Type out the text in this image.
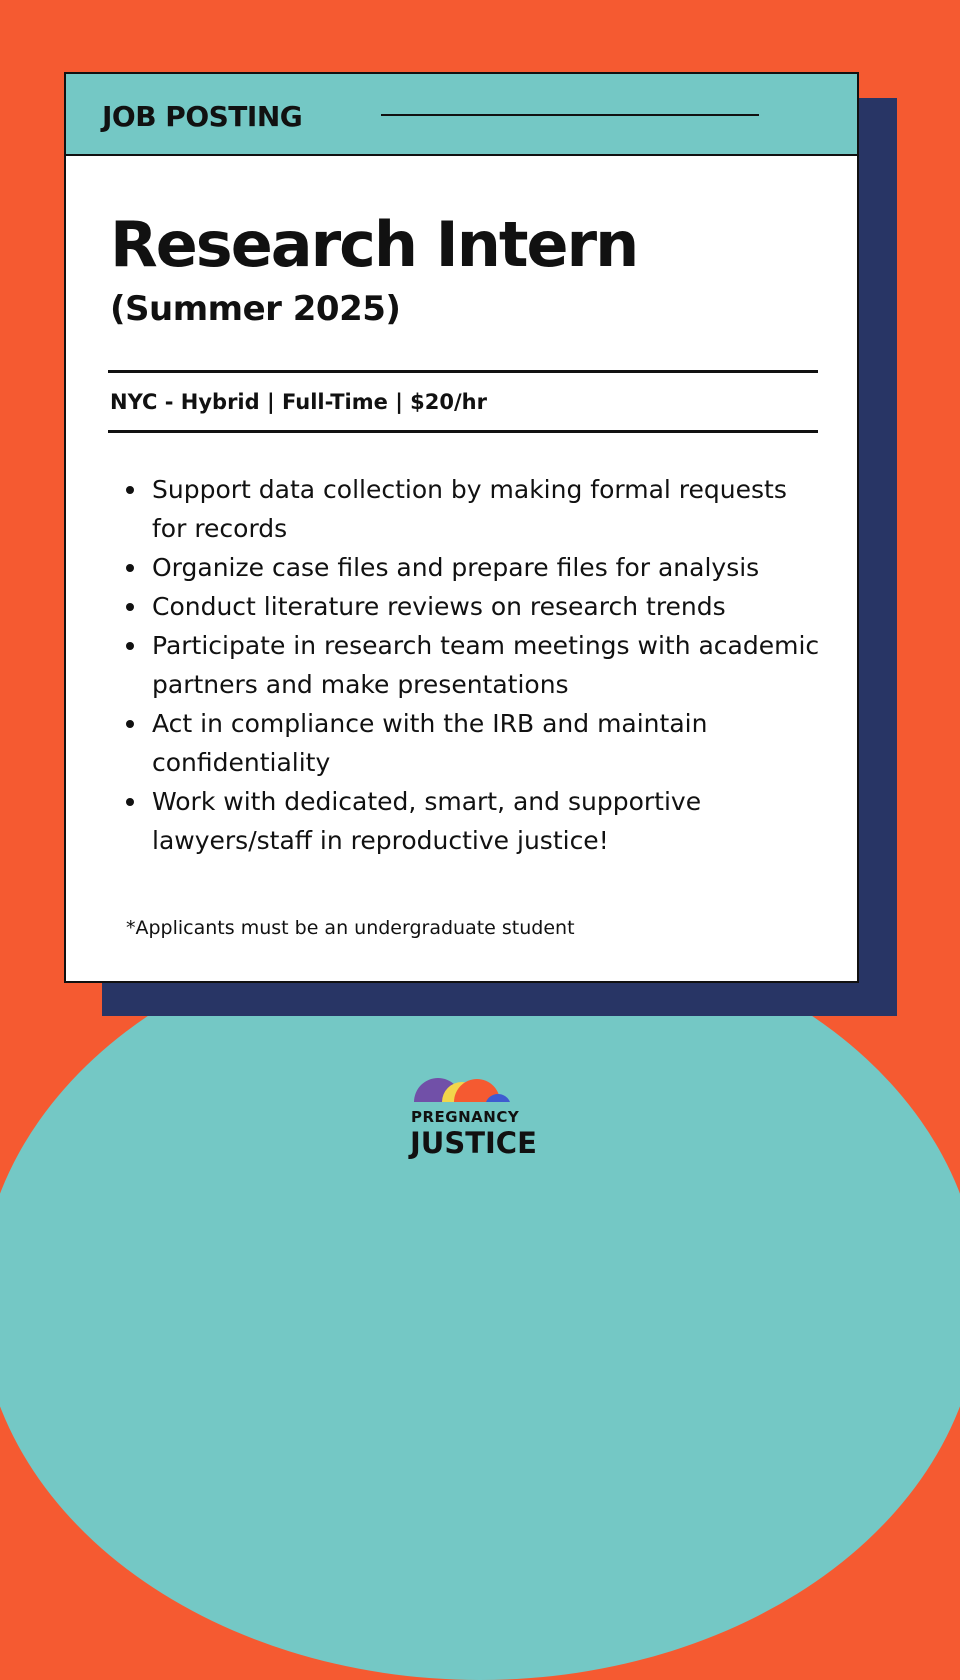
JOB POSTING
Research Intern
(Summer 2025)
NYC - Hybrid | Full-Time | $20/hr
Support data collection by making formal requests for records
Organize case files and prepare files for analysis
Conduct literature reviews on research trends
Participate in research team meetings with academic partners and make presentations
Act in compliance with the IRB and maintain confidentiality
Work with dedicated, smart, and supportive lawyers/staff in reproductive justice!
*Applicants must be an undergraduate student
PREGNANCY
JUSTICE
